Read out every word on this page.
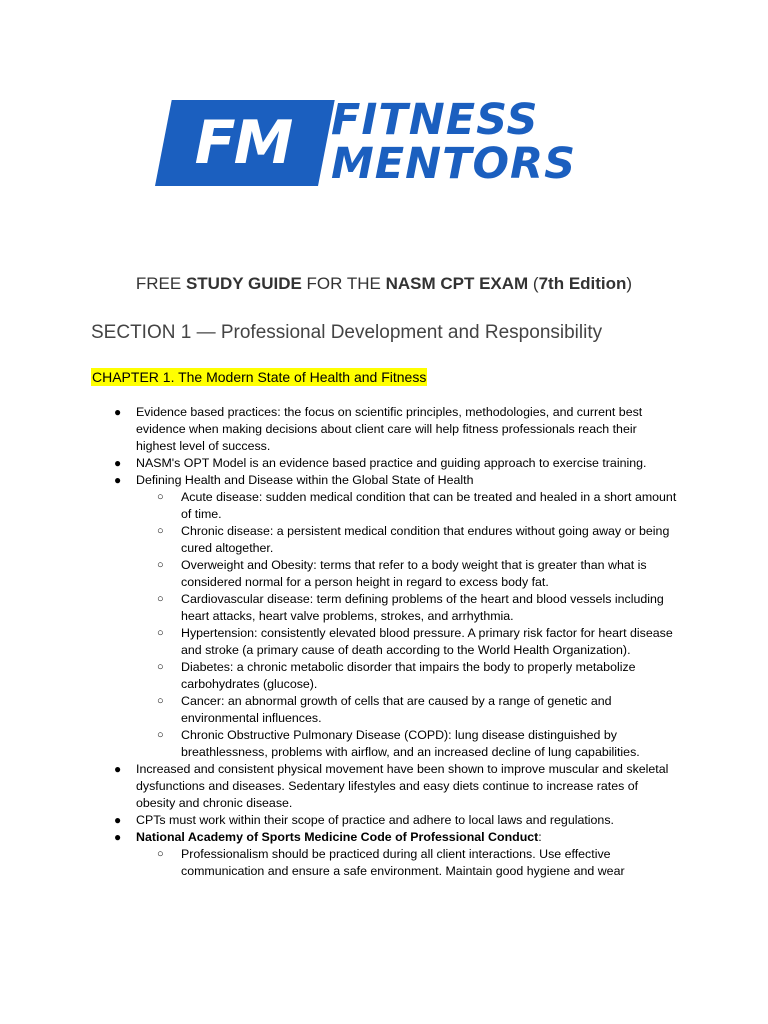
FM FITNESS
MENTORS
FREE STUDY GUIDE FOR THE NASM CPT EXAM (7th Edition)
SECTION 1 — Professional Development and Responsibility
CHAPTER 1. The Modern State of Health and Fitness
● Evidence based practices: the focus on scientific principles, methodologies, and current best evidence when making decisions about client care will help fitness professionals reach their highest level of success.
● NASM's OPT Model is an evidence based practice and guiding approach to exercise training.
● Defining Health and Disease within the Global State of Health
○ Acute disease: sudden medical condition that can be treated and healed in a short amount of time.
○ Chronic disease: a persistent medical condition that endures without going away or being cured altogether.
○ Overweight and Obesity: terms that refer to a body weight that is greater than what is considered normal for a person height in regard to excess body fat.
○ Cardiovascular disease: term defining problems of the heart and blood vessels including heart attacks, heart valve problems, strokes, and arrhythmia.
○ Hypertension: consistently elevated blood pressure. A primary risk factor for heart disease and stroke (a primary cause of death according to the World Health Organization).
○ Diabetes: a chronic metabolic disorder that impairs the body to properly metabolize carbohydrates (glucose).
○ Cancer: an abnormal growth of cells that are caused by a range of genetic and environmental influences.
○ Chronic Obstructive Pulmonary Disease (COPD): lung disease distinguished by breathlessness, problems with airflow, and an increased decline of lung capabilities.
● Increased and consistent physical movement have been shown to improve muscular and skeletal dysfunctions and diseases. Sedentary lifestyles and easy diets continue to increase rates of obesity and chronic disease.
● CPTs must work within their scope of practice and adhere to local laws and regulations.
● National Academy of Sports Medicine Code of Professional Conduct:
○ Professionalism should be practiced during all client interactions. Use effective communication and ensure a safe environment. Maintain good hygiene and wear
